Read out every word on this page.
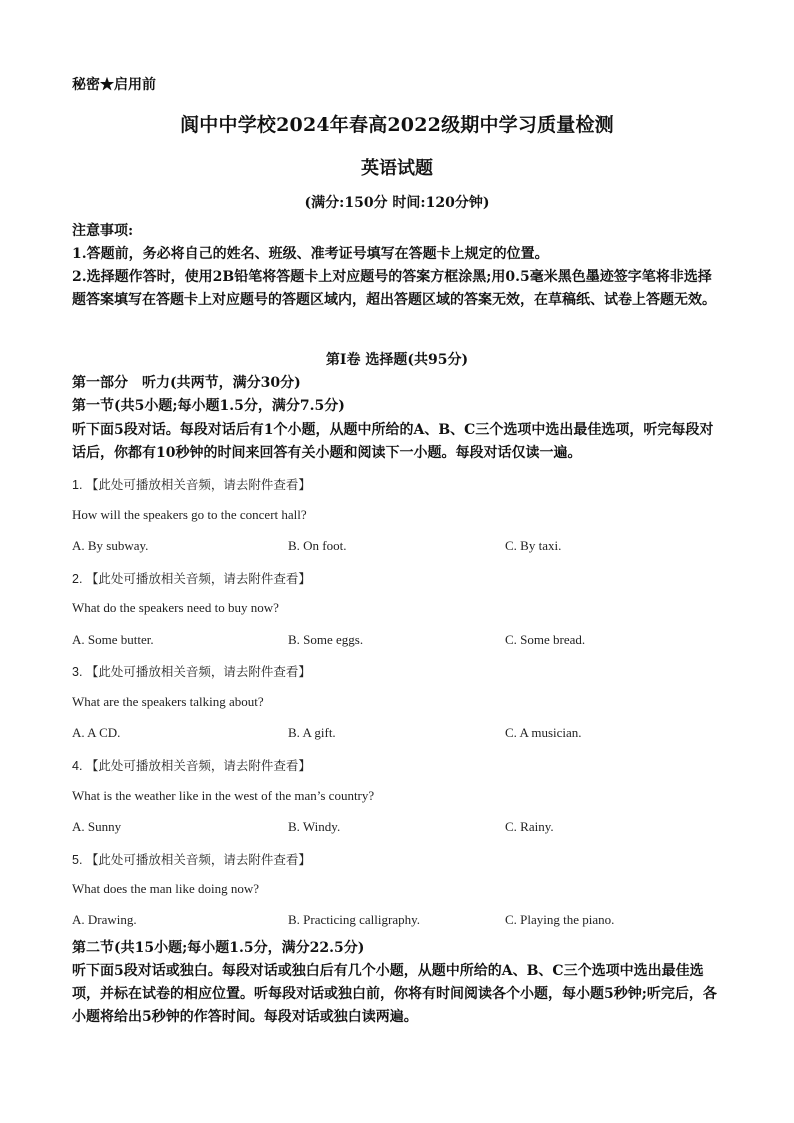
秘密★启用前
阆中中学校2024年春高2022级期中学习质量检测
英语试题
(满分:150分 时间:120分钟)

注意事项:

1.答题前，务必将自己的姓名、班级、准考证号填写在答题卡上规定的位置。

2.选择题作答时，使用2B铅笔将答题卡上对应题号的答案方框涂黑;用0.5毫米黑色墨迹签字笔将非选择题答案填写在答题卡上对应题号的答题区域内，超出答题区域的答案无效，在草稿纸、试卷上答题无效。

第I卷 选择题(共95分)
第一部分　听力(共两节，满分30分)
第一节(共5小题;每小题1.5分，满分7.5分)
听下面5段对话。每段对话后有1个小题，从题中所给的A、B、C三个选项中选出最佳选项，听完每段对话后，你都有10秒钟的时间来回答有关小题和阅读下一小题。每段对话仅读一遍。
1. 【此处可播放相关音频，请去附件查看】
How will the speakers go to the concert hall?
A. By subway.	B. On foot.	C. By taxi.
2. 【此处可播放相关音频，请去附件查看】
What do the speakers need to buy now?
A. Some butter.	B. Some eggs.	C. Some bread.
3. 【此处可播放相关音频，请去附件查看】
What are the speakers talking about?
A. A CD.	B. A gift.	C. A musician.
4. 【此处可播放相关音频，请去附件查看】
What is the weather like in the west of the man’s country?
A. Sunny	B. Windy.	C. Rainy.
5. 【此处可播放相关音频，请去附件查看】
What does the man like doing now?
A. Drawing.	B. Practicing calligraphy.	C. Playing the piano.
第二节(共15小题;每小题1.5分，满分22.5分)
听下面5段对话或独白。每段对话或独白后有几个小题，从题中所给的A、B、C三个选项中选出最佳选项，并标在试卷的相应位置。听每段对话或独白前，你将有时间阅读各个小题，每小题5秒钟;听完后，各小题将给出5秒钟的作答时间。每段对话或独白读两遍。
